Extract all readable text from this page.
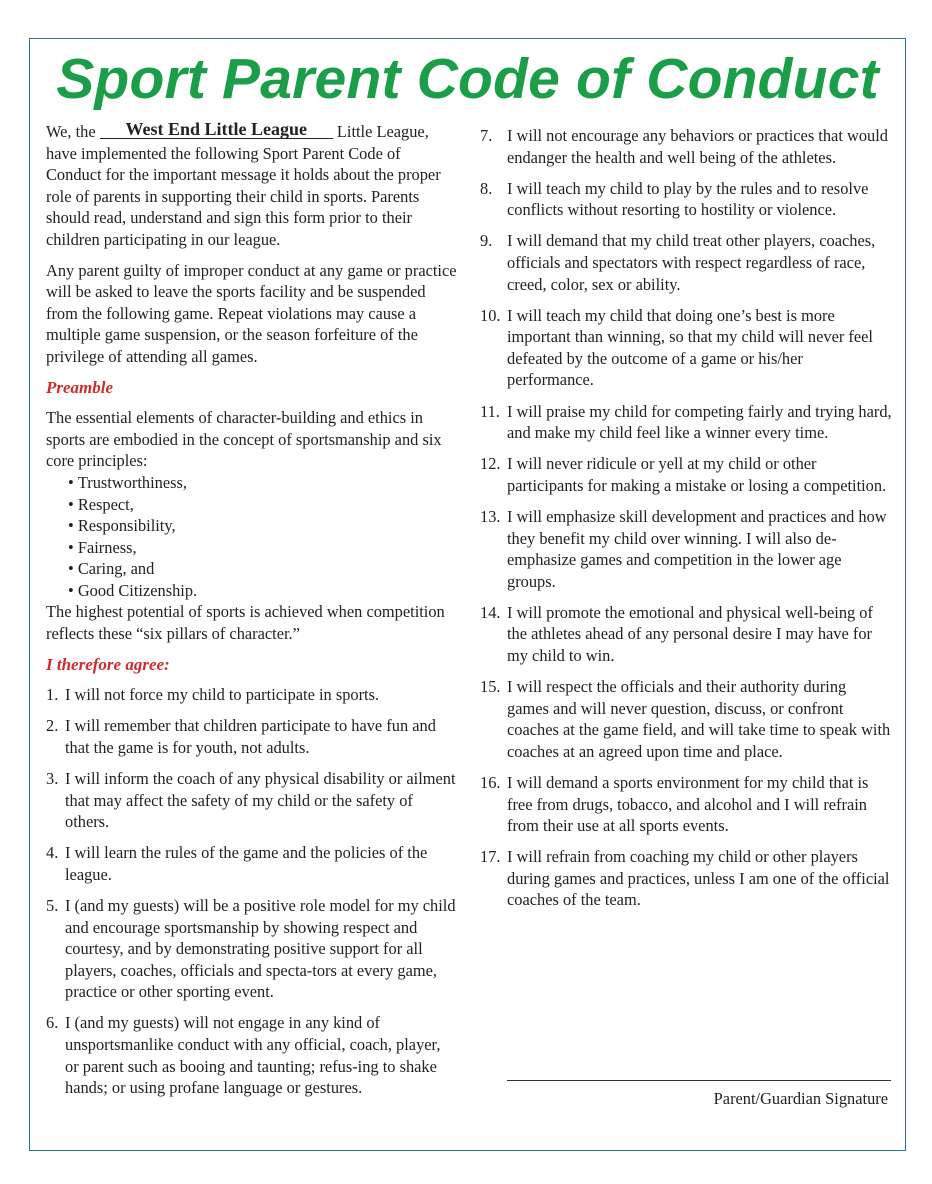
Sport Parent Code of Conduct

We, the West End Little League Little League, have implemented the following Sport Parent Code of Conduct for the important message it holds about the proper role of parents in supporting their child in sports. Parents should read, understand and sign this form prior to their children participating in our league.

Any parent guilty of improper conduct at any game or practice will be asked to leave the sports facility and be suspended from the following game. Repeat violations may cause a multiple game suspension, or the season forfeiture of the privilege of attending all games.

Preamble

The essential elements of character-building and ethics in sports are embodied in the concept of sportsmanship and six core principles:

• Trustworthiness,
• Respect,
• Responsibility,
• Fairness,
• Caring, and
• Good Citizenship.

The highest potential of sports is achieved when competition reflects these “six pillars of character.”

I therefore agree:
1. I will not force my child to participate in sports.
2. I will remember that children participate to have fun and that the game is for youth, not adults.
3. I will inform the coach of any physical disability or ailment that may affect the safety of my child or the safety of others.
4. I will learn the rules of the game and the policies of the league.
5. I (and my guests) will be a positive role model for my child and encourage sportsmanship by showing respect and courtesy, and by demonstrating positive support for all players, coaches, officials and specta-tors at every game, practice or other sporting event.
6. I (and my guests) will not engage in any kind of unsportsmanlike conduct with any official, coach, player, or parent such as booing and taunting; refus-ing to shake hands; or using profane language or gestures.
7. I will not encourage any behaviors or practices that would endanger the health and well being of the athletes.
8. I will teach my child to play by the rules and to resolve conflicts without resorting to hostility or violence.
9. I will demand that my child treat other players, coaches, officials and spectators with respect regardless of race, creed, color, sex or ability.
10. I will teach my child that doing one’s best is more important than winning, so that my child will never feel defeated by the outcome of a game or his/her performance.
11. I will praise my child for competing fairly and trying hard, and make my child feel like a winner every time.
12. I will never ridicule or yell at my child or other participants for making a mistake or losing a competition.
13. I will emphasize skill development and practices and how they benefit my child over winning. I will also de-emphasize games and competition in the lower age groups.
14. I will promote the emotional and physical well-being of the athletes ahead of any personal desire I may have for my child to win.
15. I will respect the officials and their authority during games and will never question, discuss, or confront coaches at the game field, and will take time to speak with coaches at an agreed upon time and place.
16. I will demand a sports environment for my child that is free from drugs, tobacco, and alcohol and I will refrain from their use at all sports events.
17. I will refrain from coaching my child or other players during games and practices, unless I am one of the official coaches of the team.
Parent/Guardian Signature
